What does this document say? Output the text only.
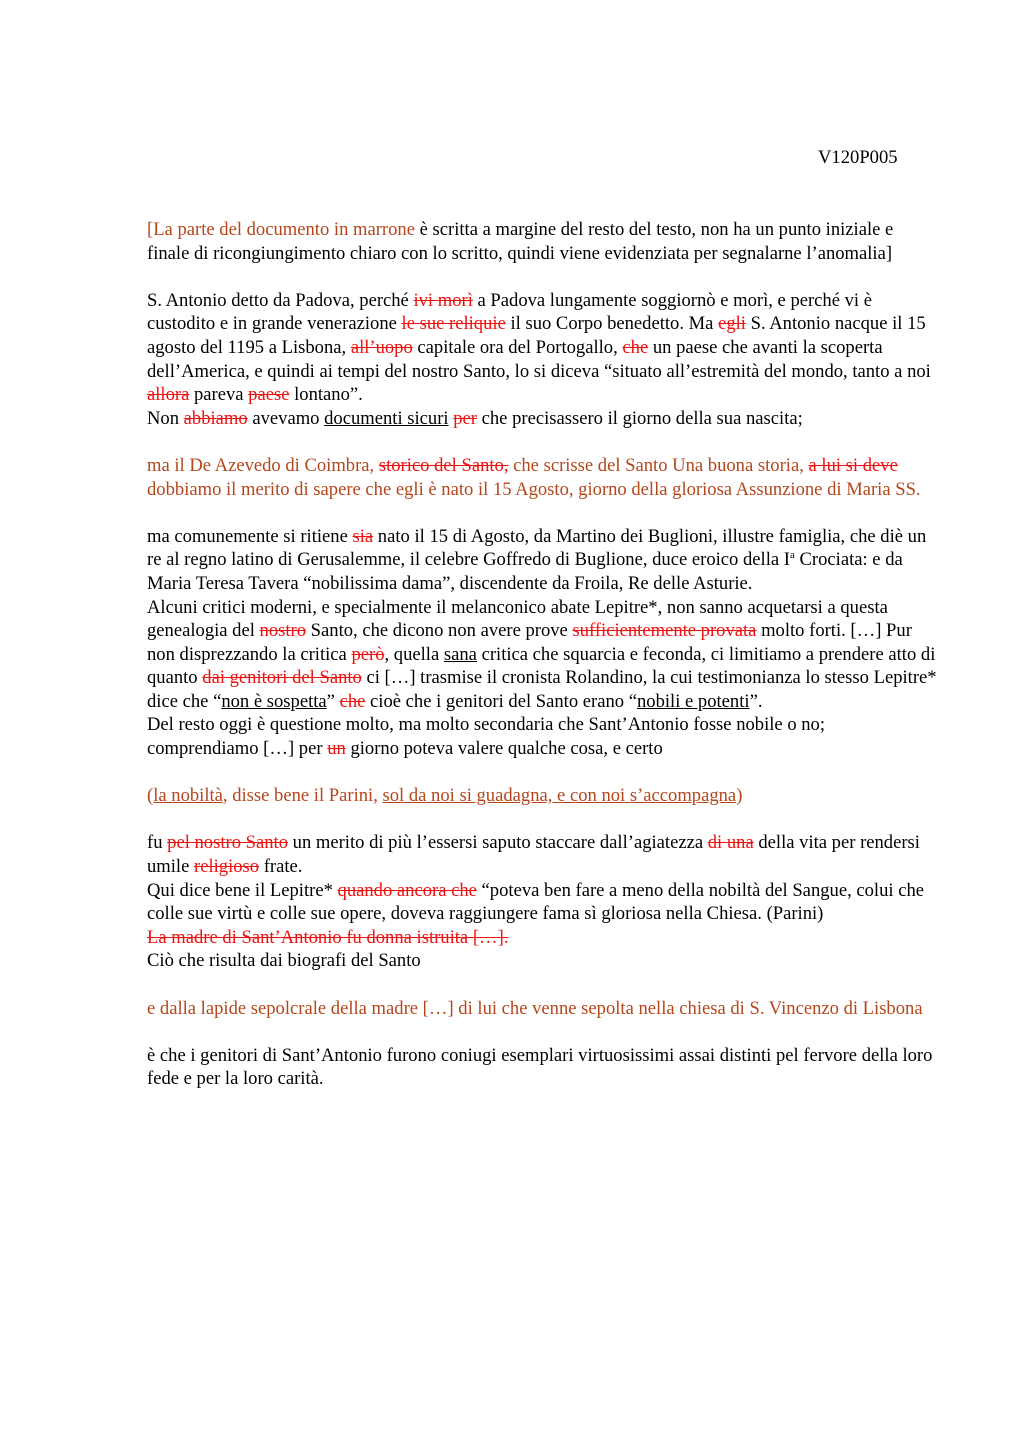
V120P005

[La parte del documento in marrone è scritta a margine del resto del testo, non ha un punto iniziale e finale di ricongiungimento chiaro con lo scritto, quindi viene evidenziata per segnalarne l’anomalia]

S. Antonio detto da Padova, perché ivi morì a Padova lungamente soggiornò e morì, e perché vi è custodito e in grande venerazione le sue reliquie il suo Corpo benedetto. Ma egli S. Antonio nacque il 15 agosto del 1195 a Lisbona, all’uopo capitale ora del Portogallo, che un paese che avanti la scoperta dell’America, e quindi ai tempi del nostro Santo, lo si diceva “situato all’estremità del mondo, tanto a noi allora pareva paese lontano”.
Non abbiamo avevamo documenti sicuri per che precisassero il giorno della sua nascita;

ma il De Azevedo di Coimbra, storico del Santo, che scrisse del Santo Una buona storia, a lui si deve dobbiamo il merito di sapere che egli è nato il 15 Agosto, giorno della gloriosa Assunzione di Maria SS.

ma comunemente si ritiene sia nato il 15 di Agosto, da Martino dei Buglioni, illustre famiglia, che diè un re al regno latino di Gerusalemme, il celebre Goffredo di Buglione, duce eroico della $I^a$ Crociata: e da Maria Teresa Tavera “nobilissima dama”, discendente da Froila, Re delle Asturie.
Alcuni critici moderni, e specialmente il melanconico abate Lepitre*, non sanno acquetarsi a questa genealogia del nostro Santo, che dicono non avere prove sufficientemente provata molto forti. […] Pur non disprezzando la critica però, quella sana critica che squarcia e feconda, ci limitiamo a prendere atto di quanto dai genitori del Santo ci […] trasmise il cronista Rolandino, la cui testimonianza lo stesso Lepitre* dice che “non è sospetta” che cioè che i genitori del Santo erano “nobili e potenti”.
Del resto oggi è questione molto, ma molto secondaria che Sant’Antonio fosse nobile o no; comprendiamo […] per un giorno poteva valere qualche cosa, e certo

(la nobiltà, disse bene il Parini, sol da noi si guadagna, e con noi s’accompagna)

fu pel nostro Santo un merito di più l’essersi saputo staccare dall’agiatezza di una della vita per rendersi umile religioso frate.
Qui dice bene il Lepitre* quando ancora che “poteva ben fare a meno della nobiltà del Sangue, colui che colle sue virtù e colle sue opere, doveva raggiungere fama sì gloriosa nella Chiesa. (Parini)
La madre di Sant’Antonio fu donna istruita […].
Ciò che risulta dai biografi del Santo

e dalla lapide sepolcrale della madre […] di lui che venne sepolta nella chiesa di S. Vincenzo di Lisbona

è che i genitori di Sant’Antonio furono coniugi esemplari virtuosissimi assai distinti pel fervore della loro fede e per la loro carità.
